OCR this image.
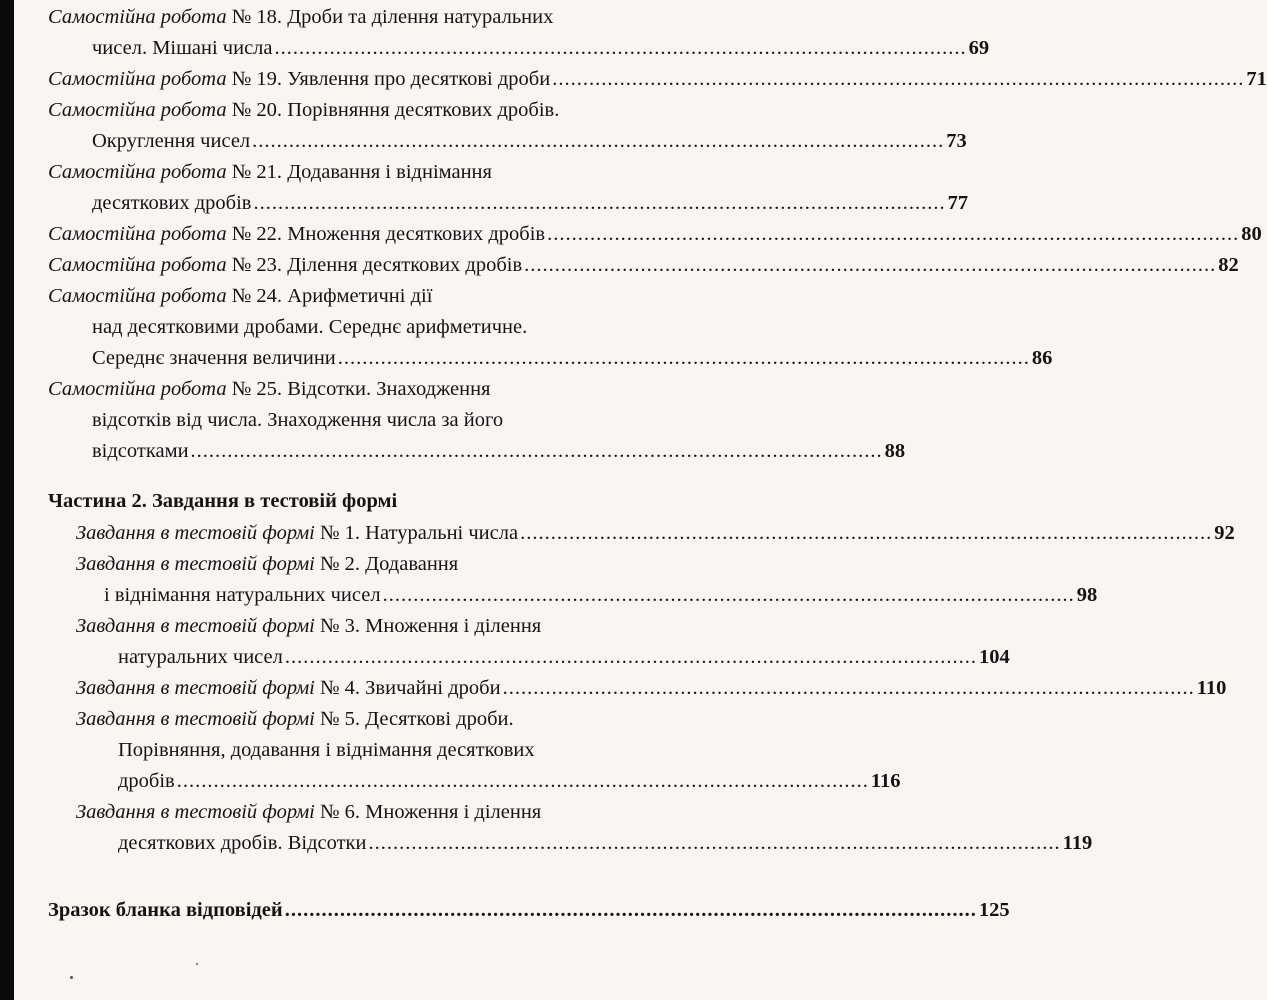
Самостійна робота № 18. Дроби та ділення натуральних
чисел. Мішані числа ................................................................................................................. 69
Самостійна робота № 19. Уявлення про десяткові дроби ................................................................................................................. 71
Самостійна робота № 20. Порівняння десяткових дробів.
Округлення чисел ................................................................................................................. 73
Самостійна робота № 21. Додавання і віднімання
десяткових дробів ................................................................................................................. 77
Самостійна робота № 22. Множення десяткових дробів ................................................................................................................. 80
Самостійна робота № 23. Ділення десяткових дробів ................................................................................................................. 82
Самостійна робота № 24. Арифметичні дії
над десятковими дробами. Середнє арифметичне.
Середнє значення величини ................................................................................................................. 86
Самостійна робота № 25. Відсотки. Знаходження
відсотків від числа. Знаходження числа за його
відсотками ................................................................................................................. 88
Частина 2. Завдання в тестовій формі
Завдання в тестовій формі № 1. Натуральні числа ................................................................................................................. 92
Завдання в тестовій формі № 2. Додавання
і віднімання натуральних чисел ................................................................................................................. 98
Завдання в тестовій формі № 3. Множення і ділення
натуральних чисел ................................................................................................................. 104
Завдання в тестовій формі № 4. Звичайні дроби ................................................................................................................. 110
Завдання в тестовій формі № 5. Десяткові дроби.
Порівняння, додавання і віднімання десяткових
дробів ................................................................................................................. 116
Завдання в тестовій формі № 6. Множення і ділення
десяткових дробів. Відсотки ................................................................................................................. 119
Зразок бланка відповідей ................................................................................................................. 125
